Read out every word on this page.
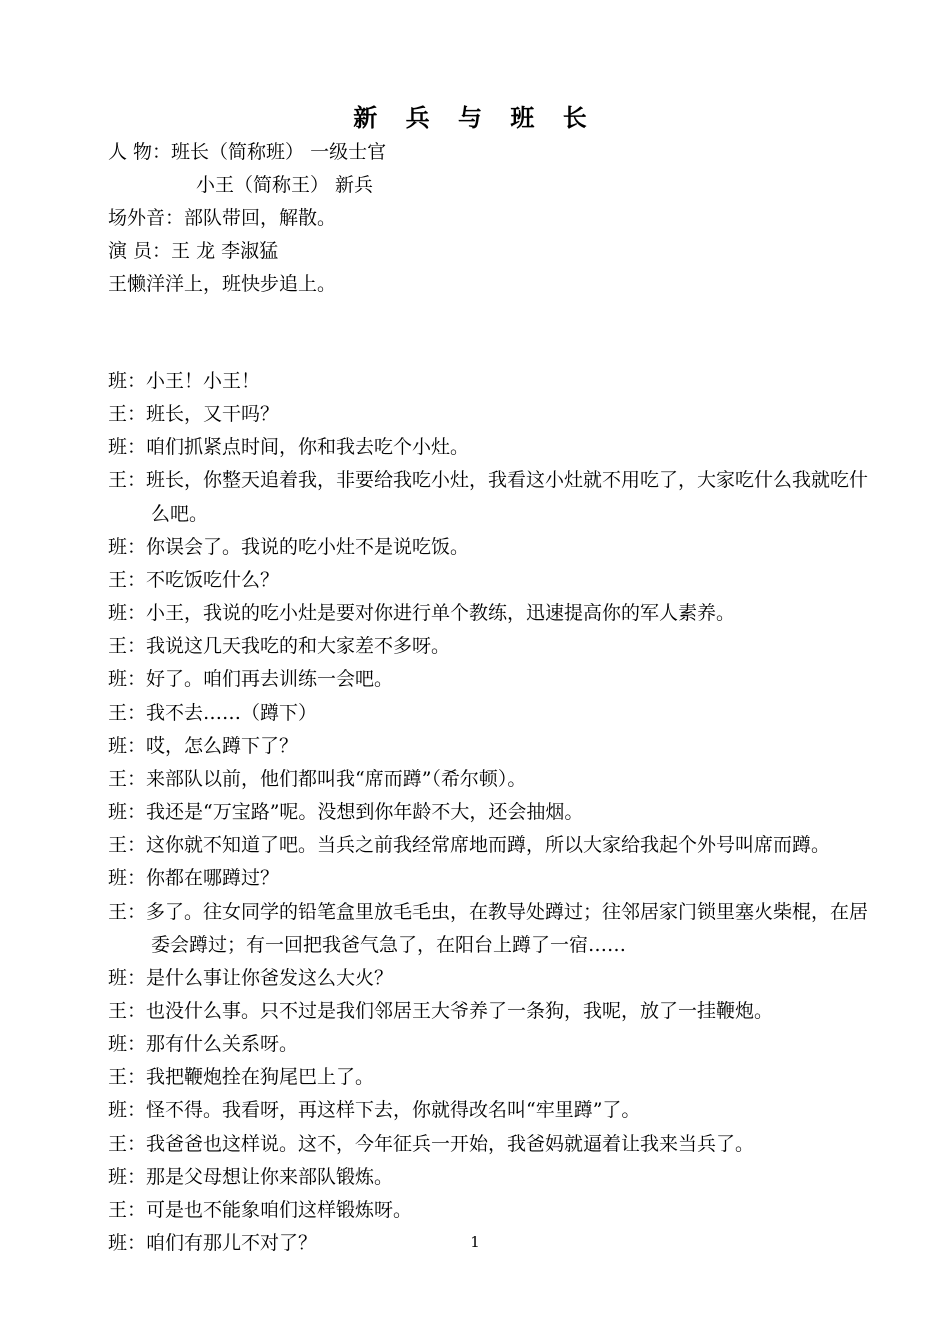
新 兵 与 班 长
人 物：班长（简称班） 一级士官
小王（简称王） 新兵
场外音：部队带回，解散。
演 员：王 龙 李淑猛
王懒洋洋上，班快步追上。
班：小王！小王！
王：班长，又干吗？
班：咱们抓紧点时间，你和我去吃个小灶。
王：班长，你整天追着我，非要给我吃小灶，我看这小灶就不用吃了，大家吃什么我就吃什么吧。
班：你误会了。我说的吃小灶不是说吃饭。
王：不吃饭吃什么？
班：小王，我说的吃小灶是要对你进行单个教练，迅速提高你的军人素养。
王：我说这几天我吃的和大家差不多呀。
班：好了。咱们再去训练一会吧。
王：我不去……（蹲下）
班：哎，怎么蹲下了？
王：来部队以前，他们都叫我“席而蹲”（希尔顿）。
班：我还是“万宝路”呢。没想到你年龄不大，还会抽烟。
王：这你就不知道了吧。当兵之前我经常席地而蹲，所以大家给我起个外号叫席而蹲。
班：你都在哪蹲过？
王：多了。往女同学的铅笔盒里放毛毛虫，在教导处蹲过；往邻居家门锁里塞火柴棍，在居委会蹲过；有一回把我爸气急了，在阳台上蹲了一宿……
班：是什么事让你爸发这么大火？
王：也没什么事。只不过是我们邻居王大爷养了一条狗，我呢，放了一挂鞭炮。
班：那有什么关系呀。
王：我把鞭炮拴在狗尾巴上了。
班：怪不得。我看呀，再这样下去，你就得改名叫“牢里蹲”了。
王：我爸爸也这样说。这不，今年征兵一开始，我爸妈就逼着让我来当兵了。
班：那是父母想让你来部队锻炼。
王：可是也不能象咱们这样锻炼呀。
班：咱们有那儿不对了？	1
